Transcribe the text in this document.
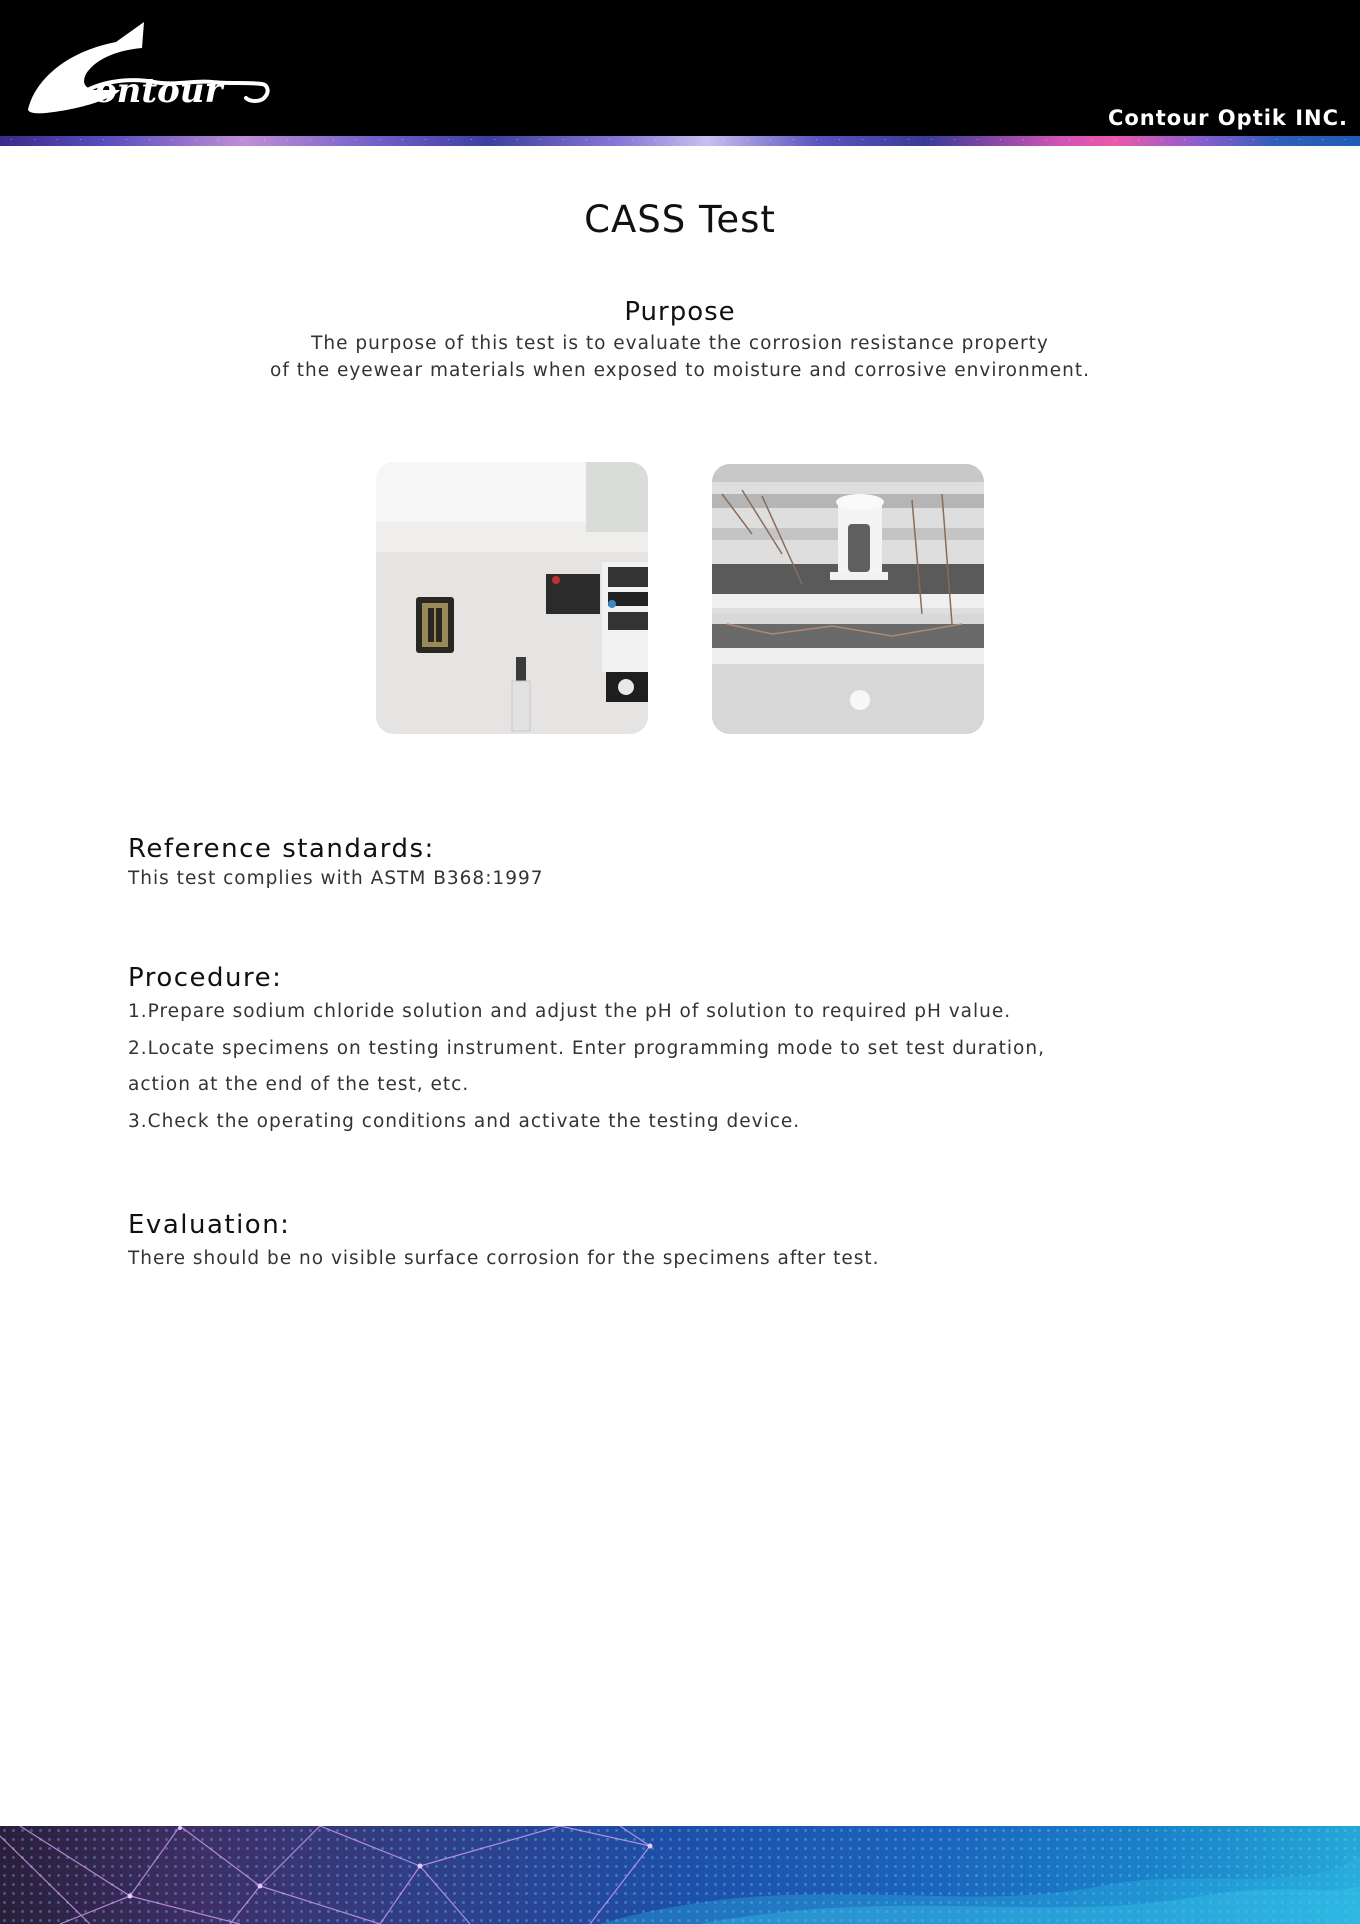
ontour
Contour Optik INC.
CASS Test
Purpose
The purpose of this test is to evaluate the corrosion resistance property
of the eyewear materials when exposed to moisture and corrosive environment.
Reference standards:
This test complies with ASTM B368:1997
Procedure:
1.Prepare sodium chloride solution and adjust the pH of solution to required pH value.
2.Locate specimens on testing instrument. Enter programming mode to set test duration, action at the end of the test, etc.
3.Check the operating conditions and activate the testing device.
Evaluation:
There should be no visible surface corrosion for the specimens after test.
